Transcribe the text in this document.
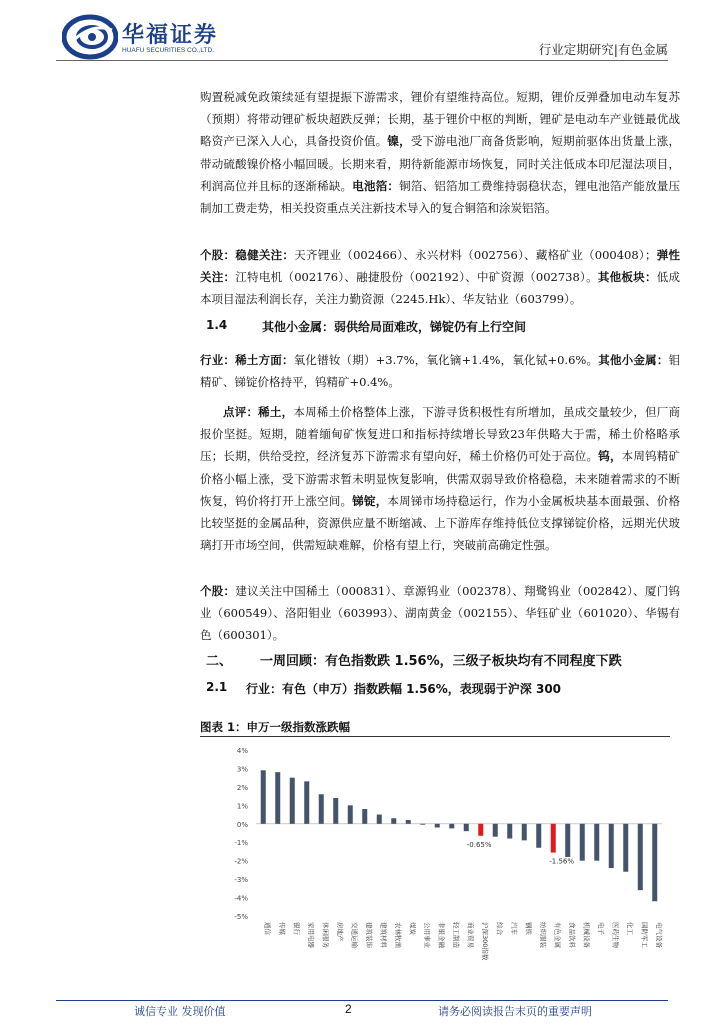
华福证券
HUAFU SECURITIES CO.,LTD.	行业定期研究|有色金属

购置税减免政策续延有望提振下游需求，锂价有望维持高位。短期，锂价反弹叠加电动车复苏（预期）将带动锂矿板块超跌反弹；长期，基于锂价中枢的判断，锂矿是电动车产业链最优战略资产已深入人心，具备投资价值。镍，受下游电池厂商备货影响，短期前驱体出货量上涨，带动硫酸镍价格小幅回暖。长期来看，期待新能源市场恢复，同时关注低成本印尼湿法项目，利润高位并且标的逐渐稀缺。电池箔：铜箔、铝箔加工费维持弱稳状态，锂电池箔产能放量压制加工费走势，相关投资重点关注新技术导入的复合铜箔和涂炭铝箔。

个股：稳健关注：天齐锂业（002466）、永兴材料（002756）、藏格矿业（000408）；弹性关注：江特电机（002176）、融捷股份（002192）、中矿资源（002738）。其他板块：低成本项目湿法利润长存，关注力勤资源（2245.Hk）、华友钴业（603799）。

1.4	其他小金属：弱供给局面难改，锑锭仍有上行空间

行业：稀土方面：氧化镨钕（期）+3.7%，氧化镝+1.4%，氧化铽+0.6%。其他小金属：钼精矿、锑锭价格持平，钨精矿+0.4%。

点评：稀土，本周稀土价格整体上涨，下游寻货积极性有所增加，虽成交量较少，但厂商报价坚挺。短期，随着缅甸矿恢复进口和指标持续增长导致23年供略大于需，稀土价格略承压；长期，供给受控，经济复苏下游需求有望向好，稀土价格仍可处于高位。钨，本周钨精矿价格小幅上涨，受下游需求暂未明显恢复影响，供需双弱导致价格稳稳，未来随着需求的不断恢复，钨价将打开上涨空间。锑锭，本周锑市场持稳运行，作为小金属板块基本面最强、价格比较坚挺的金属品种，资源供应量不断缩减、上下游库存维持低位支撑锑锭价格，远期光伏玻璃打开市场空间，供需短缺难解，价格有望上行，突破前高确定性强。

个股：建议关注中国稀土（000831）、章源钨业（002378）、翔鹭钨业（002842）、厦门钨业（600549）、洛阳钼业（603993）、湖南黄金（002155）、华钰矿业（601020）、华锡有色（600301）。

二、 一周回顾：有色指数跌 1.56%，三级子板块均有不同程度下跌
2.1 行业：有色（申万）指数跌幅 1.56%，表现弱于沪深 300
图表 1：申万一级指数涨跌幅
4%
3%
2%
1%
0%
-1%
-2%
-3%
-4%
-5%
通信 传媒 银行 家用电器 休闲服务 房地产 交通运输 建筑装饰 建筑材料 农林牧渔 煤炭 公用事业 非银金融 轻工制造 商业贸易
-0.65%
沪深300指数 综合 汽车 钢铁 纺织服装
-1.56%
有色金属 食品饮料 机械设备 电子 医药生物 化工 国防军工 电气设备
诚信专业 发现价值	2	请务必阅读报告末页的重要声明
